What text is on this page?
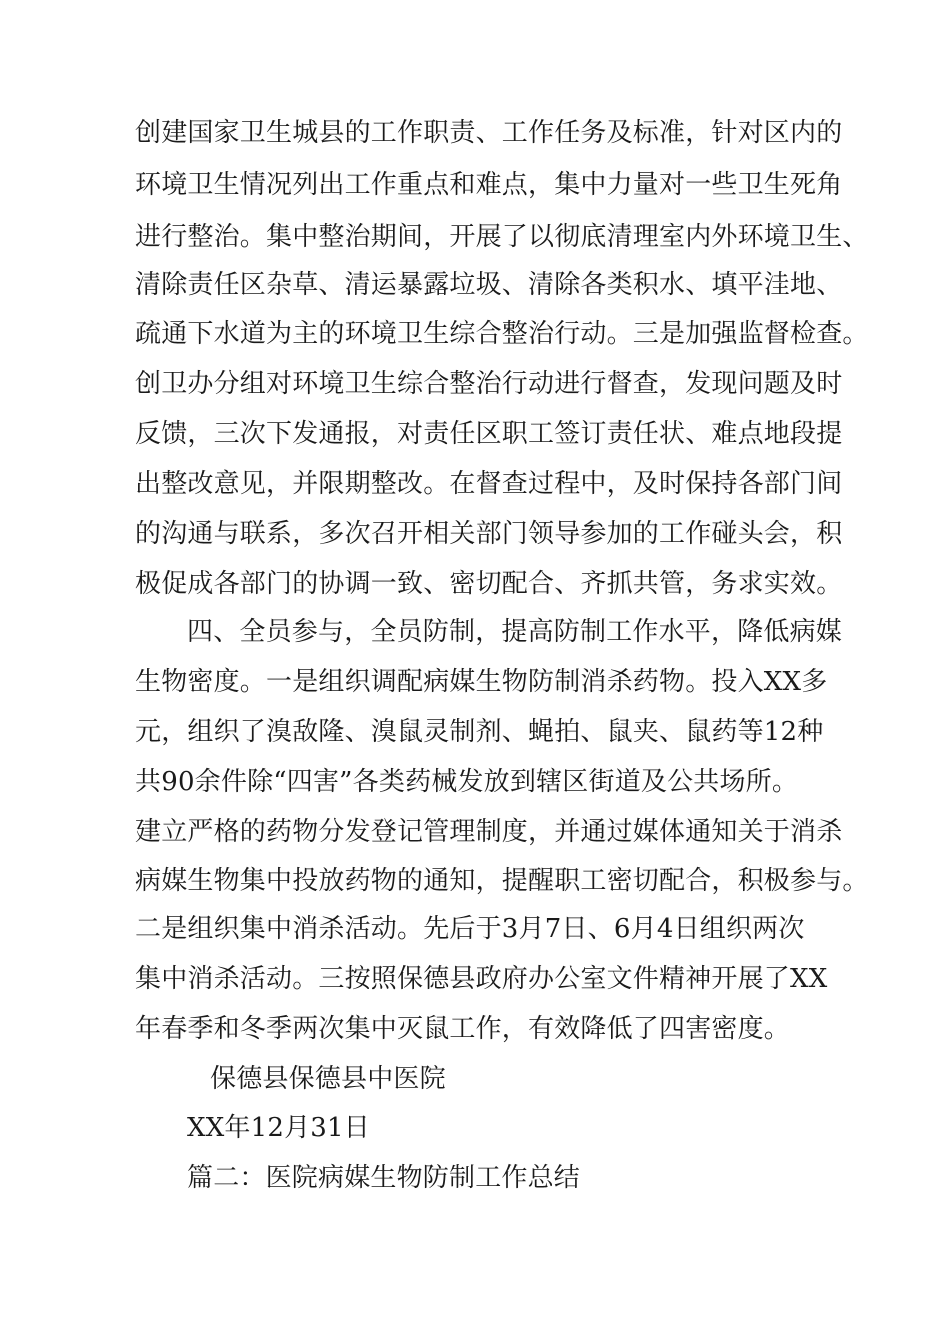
创建国家卫生城县的工作职责、工作任务及标准，针对区内的
环境卫生情况列出工作重点和难点，集中力量对一些卫生死角
进行整治。集中整治期间，开展了以彻底清理室内外环境卫生、
清除责任区杂草、清运暴露垃圾、清除各类积水、填平洼地、
疏通下水道为主的环境卫生综合整治行动。三是加强监督检查。
创卫办分组对环境卫生综合整治行动进行督查，发现问题及时
反馈，三次下发通报，对责任区职工签订责任状、难点地段提
出整改意见，并限期整改。在督查过程中，及时保持各部门间
的沟通与联系，多次召开相关部门领导参加的工作碰头会，积
极促成各部门的协调一致、密切配合、齐抓共管，务求实效。
四、全员参与，全员防制，提高防制工作水平，降低病媒
生物密度。一是组织调配病媒生物防制消杀药物。投入XX多
元，组织了溴敌隆、溴鼠灵制剂、蝇拍、鼠夹、鼠药等12种
共90余件除“四害”各类药械发放到辖区街道及公共场所。
建立严格的药物分发登记管理制度，并通过媒体通知关于消杀
病媒生物集中投放药物的通知，提醒职工密切配合，积极参与。
二是组织集中消杀活动。先后于3月7日、6月4日组织两次
集中消杀活动。三按照保德县政府办公室文件精神开展了XX
年春季和冬季两次集中灭鼠工作，有效降低了四害密度。
保德县保德县中医院
XX年12月31日
篇二：医院病媒生物防制工作总结
